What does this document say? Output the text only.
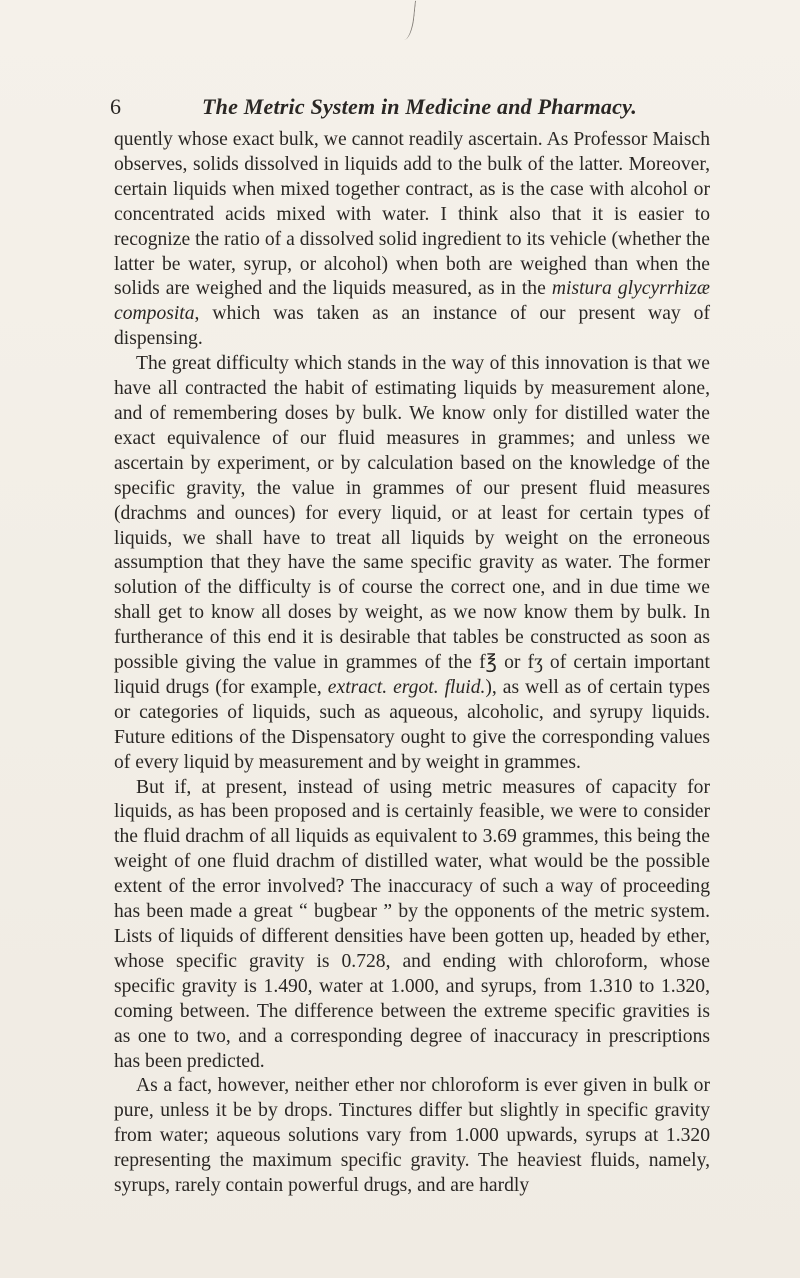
6	The Metric System in Medicine and Pharmacy.

quently whose exact bulk, we cannot readily ascertain. As Professor Maisch observes, solids dissolved in liquids add to the bulk of the latter. Moreover, certain liquids when mixed together contract, as is the case with alcohol or concentrated acids mixed with water. I think also that it is easier to recognize the ratio of a dissolved solid ingredient to its vehicle (whether the latter be water, syrup, or alcohol) when both are weighed than when the solids are weighed and the liquids measured, as in the mistura glycyrrhizæ composita, which was taken as an instance of our present way of dispensing.

The great difficulty which stands in the way of this innovation is that we have all contracted the habit of estimating liquids by measurement alone, and of remembering doses by bulk. We know only for distilled water the exact equivalence of our fluid measures in grammes; and unless we ascertain by experiment, or by calculation based on the knowledge of the specific gravity, the value in grammes of our present fluid measures (drachms and ounces) for every liquid, or at least for certain types of liquids, we shall have to treat all liquids by weight on the erroneous assumption that they have the same specific gravity as water. The former solution of the difficulty is of course the correct one, and in due time we shall get to know all doses by weight, as we now know them by bulk. In furtherance of this end it is desirable that tables be constructed as soon as possible giving the value in grammes of the f℥ or fʒ of certain important liquid drugs (for example, extract. ergot. fluid.), as well as of certain types or categories of liquids, such as aqueous, alcoholic, and syrupy liquids. Future editions of the Dispensatory ought to give the corresponding values of every liquid by measurement and by weight in grammes.

But if, at present, instead of using metric measures of capacity for liquids, as has been proposed and is certainly feasible, we were to consider the fluid drachm of all liquids as equivalent to 3.69 grammes, this being the weight of one fluid drachm of distilled water, what would be the possible extent of the error involved? The inaccuracy of such a way of proceeding has been made a great “ bugbear ” by the opponents of the metric system. Lists of liquids of different densities have been gotten up, headed by ether, whose specific gravity is 0.728, and ending with chloroform, whose specific gravity is 1.490, water at 1.000, and syrups, from 1.310 to 1.320, coming between. The difference between the extreme specific gravities is as one to two, and a corresponding degree of inaccuracy in prescriptions has been predicted.

As a fact, however, neither ether nor chloroform is ever given in bulk or pure, unless it be by drops. Tinctures differ but slightly in specific gravity from water; aqueous solutions vary from 1.000 upwards, syrups at 1.320 representing the maximum specific gravity. The heaviest fluids, namely, syrups, rarely contain powerful drugs, and are hardly
